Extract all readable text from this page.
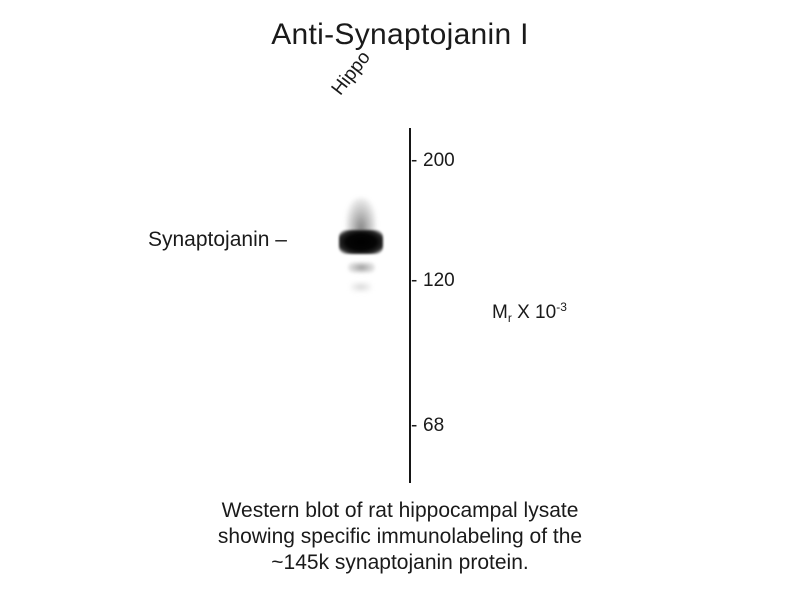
Anti-Synaptojanin I
Hippo
- 200
- 120
- 68
$M_r$ X $10^{-3}$
Synaptojanin –
Western blot of rat hippocampal lysate
showing specific immunolabeling of the
~145k synaptojanin protein.
